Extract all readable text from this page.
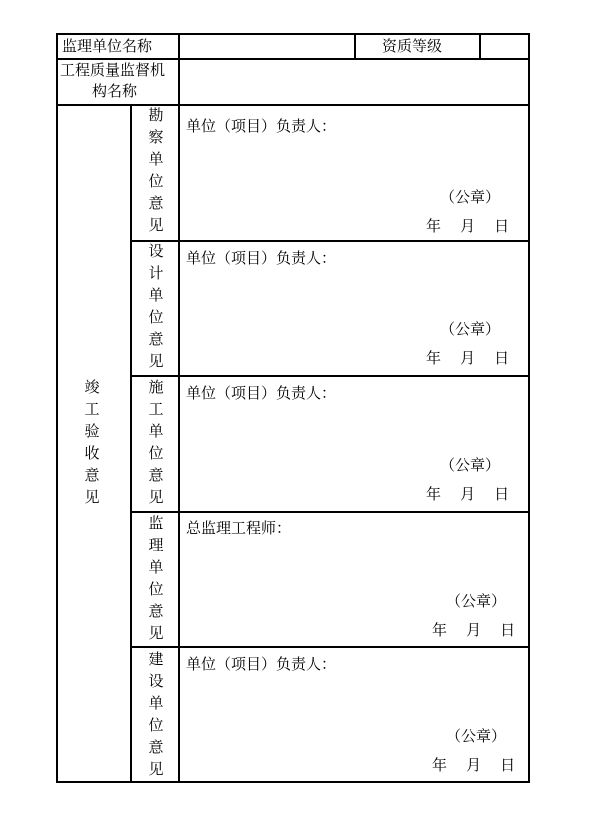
监理单位名称	资质等级
工程质量监督机
构名称
竣
工
验
收
意
见
勘
察
单
位
意
见
单位（项目）负责人：
（公章）
年    月    日
设
计
单
位
意
见
单位（项目）负责人：
（公章）
年    月    日
施
工
单
位
意
见
单位（项目）负责人：
（公章）
年    月    日
监
理
单
位
意
见
总监理工程师：
（公章）
年    月    日
建
设
单
位
意
见
单位（项目）负责人：
（公章）
年    月    日
